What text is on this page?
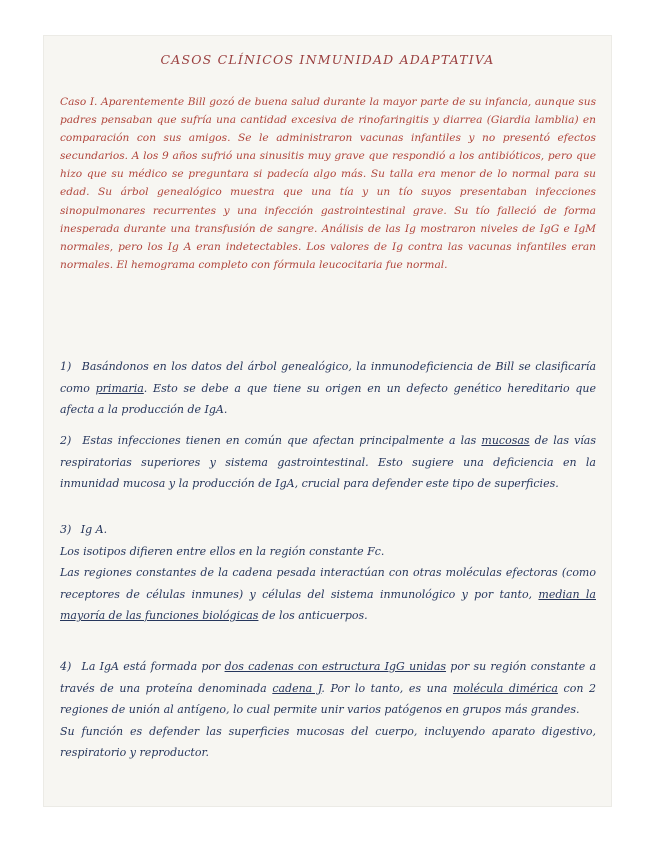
CASOS CLÍNICOS INMUNIDAD ADAPTATIVA
Caso I. Aparentemente Bill gozó de buena salud durante la mayor parte de su infancia, aunque sus padres pensaban que sufría una cantidad excesiva de rinofaringitis y diarrea (Giardia lamblia) en comparación con sus amigos. Se le administraron vacunas infantiles y no presentó efectos secundarios. A los 9 años sufrió una sinusitis muy grave que respondió a los antibióticos, pero que hizo que su médico se preguntara si padecía algo más. Su talla era menor de lo normal para su edad. Su árbol genealógico muestra que una tía y un tío suyos presentaban infecciones sinopulmonares recurrentes y una infección gastrointestinal grave. Su tío falleció de forma inesperada durante una transfusión de sangre. Análisis de las Ig mostraron niveles de IgG e IgM normales, pero los Ig A eran indetectables. Los valores de Ig contra las vacunas infantiles eran normales. El hemograma completo con fórmula leucocitaria fue normal.
1) Basándonos en los datos del árbol genealógico, la inmunodeficiencia de Bill se clasificaría como primaria. Esto se debe a que tiene su origen en un defecto genético hereditario que afecta a la producción de IgA.
2) Estas infecciones tienen en común que afectan principalmente a las mucosas de las vías respiratorias superiores y sistema gastrointestinal. Esto sugiere una deficiencia en la inmunidad mucosa y la producción de IgA, crucial para defender este tipo de superficies.
3) Ig A.
Los isotipos difieren entre ellos en la región constante Fc.
Las regiones constantes de la cadena pesada interactúan con otras moléculas efectoras (como receptores de células inmunes) y células del sistema inmunológico y por tanto, median la mayoría de las funciones biológicas de los anticuerpos.
4) La IgA está formada por dos cadenas con estructura IgG unidas por su región constante a través de una proteína denominada cadena J. Por lo tanto, es una molécula dimérica con 2 regiones de unión al antígeno, lo cual permite unir varios patógenos en grupos más grandes.
Su función es defender las superficies mucosas del cuerpo, incluyendo aparato digestivo, respiratorio y reproductor.
